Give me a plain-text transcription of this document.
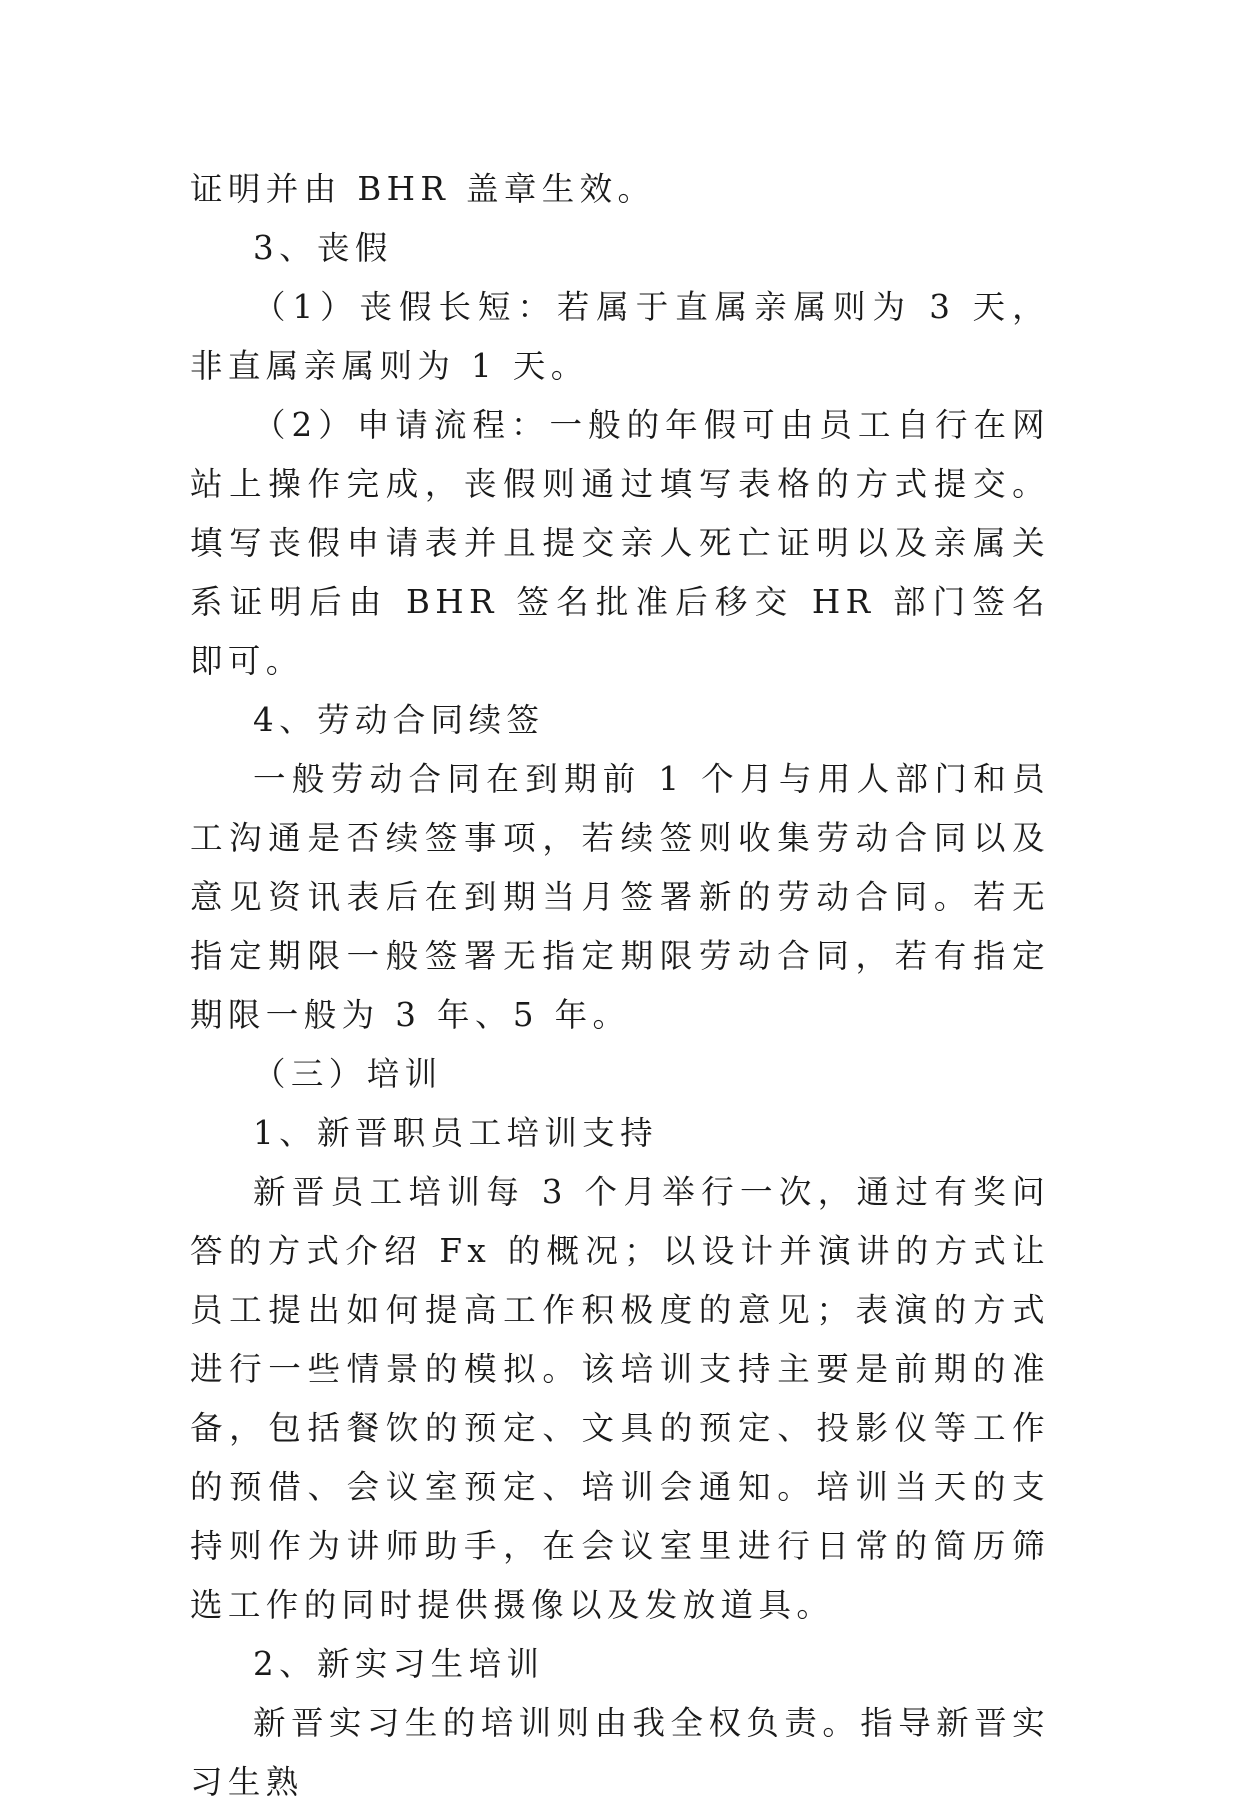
证明并由 BHR 盖章生效。

3、丧假

（1）丧假长短：若属于直属亲属则为 3 天，非直属亲属则为 1 天。

（2）申请流程：一般的年假可由员工自行在网站上操作完成，丧假则通过填写表格的方式提交。填写丧假申请表并且提交亲人死亡证明以及亲属关系证明后由 BHR 签名批准后移交 HR 部门签名即可。

4、劳动合同续签

一般劳动合同在到期前 1 个月与用人部门和员工沟通是否续签事项，若续签则收集劳动合同以及意见资讯表后在到期当月签署新的劳动合同。若无指定期限一般签署无指定期限劳动合同，若有指定期限一般为 3 年、5 年。

（三）培训

1、新晋职员工培训支持

新晋员工培训每 3 个月举行一次，通过有奖问答的方式介绍 Fx 的概况；以设计并演讲的方式让员工提出如何提高工作积极度的意见；表演的方式进行一些情景的模拟。该培训支持主要是前期的准备，包括餐饮的预定、文具的预定、投影仪等工作的预借、会议室预定、培训会通知。培训当天的支持则作为讲师助手，在会议室里进行日常的简历筛选工作的同时提供摄像以及发放道具。

2、新实习生培训

新晋实习生的培训则由我全权负责。指导新晋实习生熟
